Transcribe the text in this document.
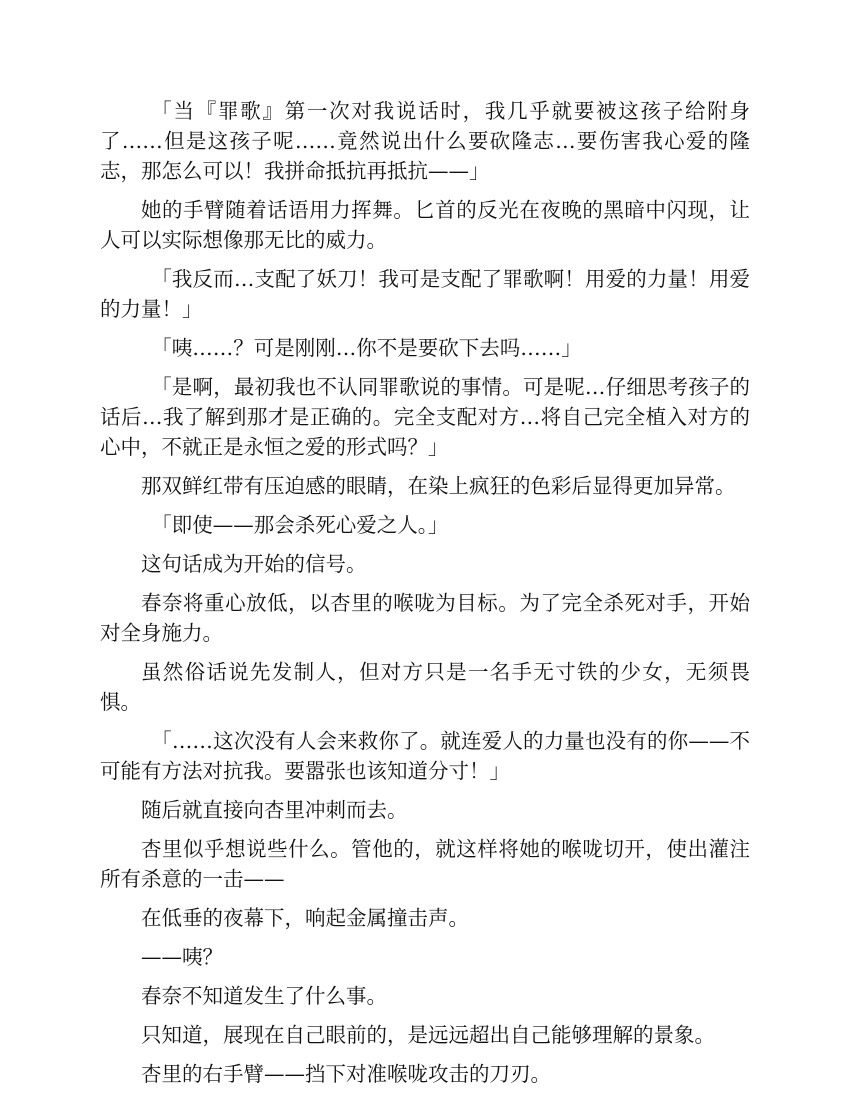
「当『罪歌』第一次对我说话时，我几乎就要被这孩子给附身了……但是这孩子呢……竟然说出什么要砍隆志…要伤害我心爱的隆志，那怎么可以！我拼命抵抗再抵抗——」

她的手臂随着话语用力挥舞。匕首的反光在夜晚的黑暗中闪现，让人可以实际想像那无比的威力。

「我反而…支配了妖刀！我可是支配了罪歌啊！用爱的力量！用爱的力量！」

「咦……？可是刚刚…你不是要砍下去吗……」

「是啊，最初我也不认同罪歌说的事情。可是呢…仔细思考孩子的话后…我了解到那才是正确的。完全支配对方…将自己完全植入对方的心中，不就正是永恒之爱的形式吗？」

那双鲜红带有压迫感的眼睛，在染上疯狂的色彩后显得更加异常。

「即使——那会杀死心爱之人。」

这句话成为开始的信号。

春奈将重心放低，以杏里的喉咙为目标。为了完全杀死对手，开始对全身施力。

虽然俗话说先发制人，但对方只是一名手无寸铁的少女，无须畏惧。

「……这次没有人会来救你了。就连爱人的力量也没有的你——不可能有方法对抗我。要嚣张也该知道分寸！」

随后就直接向杏里冲刺而去。

杏里似乎想说些什么。管他的，就这样将她的喉咙切开，使出灌注所有杀意的一击——

在低垂的夜幕下，响起金属撞击声。

——咦？

春奈不知道发生了什么事。

只知道，展现在自己眼前的，是远远超出自己能够理解的景象。

杏里的右手臂——挡下对准喉咙攻击的刀刃。
